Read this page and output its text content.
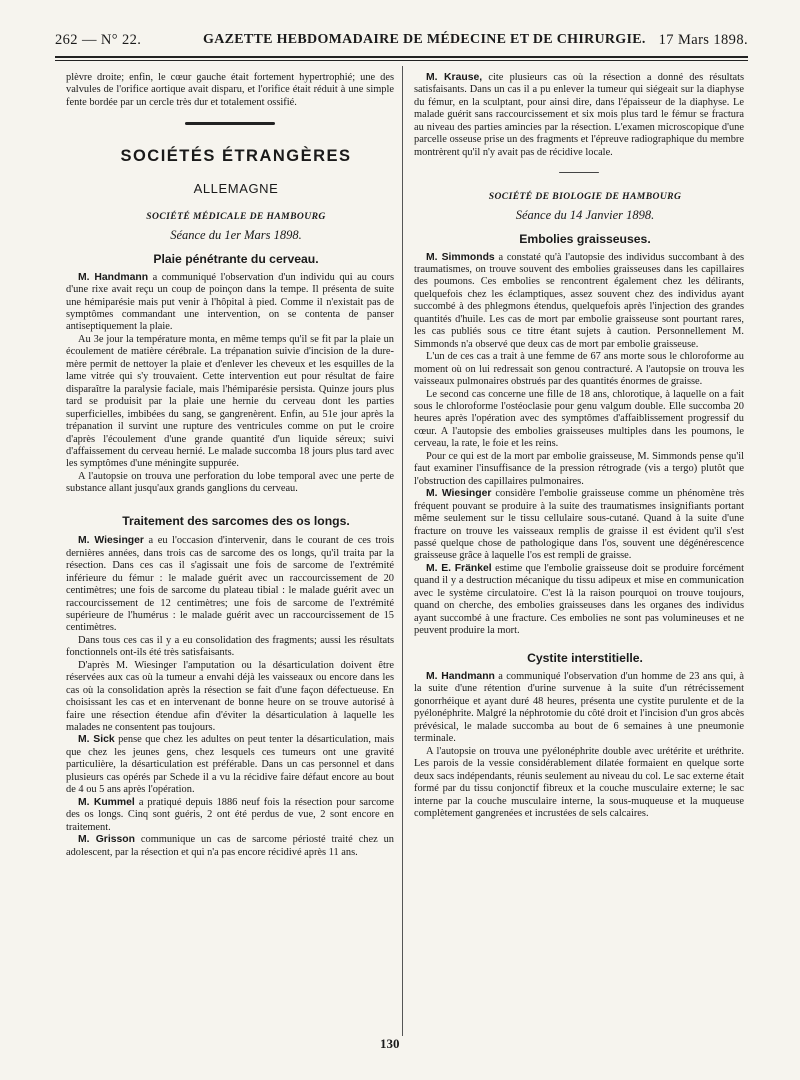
262 — N° 22.	GAZETTE HEBDOMADAIRE DE MÉDECINE ET DE CHIRURGIE. 17 Mars 1898.

plèvre droite; enfin, le cœur gauche était fortement hypertrophié; une des valvules de l'orifice aortique avait disparu, et l'orifice était réduit à une simple fente bordée par un cercle très dur et totalement ossifié.

SOCIÉTÉS ÉTRANGÈRES

ALLEMAGNE

SOCIÉTÉ MÉDICALE DE HAMBOURG

Séance du 1er Mars 1898.

Plaie pénétrante du cerveau.

M. Handmann a communiqué l'observation d'un individu qui au cours d'une rixe avait reçu un coup de poinçon dans la tempe. Il présenta de suite une hémiparésie mais put venir à l'hôpital à pied. Comme il n'existait pas de symptômes commandant une intervention, on se contenta de panser antiseptiquement la plaie.

Au 3e jour la température monta, en même temps qu'il se fit par la plaie un écoulement de matière cérébrale. La trépanation suivie d'incision de la dure-mère permit de nettoyer la plaie et d'enlever les cheveux et les esquilles de la lame vitrée qui s'y trouvaient. Cette intervention eut pour résultat de faire disparaître la paralysie faciale, mais l'hémiparésie persista. Quinze jours plus tard se produisit par la plaie une hernie du cerveau dont les parties superficielles, imbibées du sang, se gangrenèrent. Enfin, au 51e jour après la trépanation il survint une rupture des ventricules comme on put le croire d'après l'écoulement d'une grande quantité d'un liquide séreux; suivi d'affaissement du cerveau hernié. Le malade succomba 18 jours plus tard avec les symptômes d'une méningite suppurée.

A l'autopsie on trouva une perforation du lobe temporal avec une perte de substance allant jusqu'aux grands ganglions du cerveau.

Traitement des sarcomes des os longs.

M. Wiesinger a eu l'occasion d'intervenir, dans le courant de ces trois dernières années, dans trois cas de sarcome des os longs, qu'il traita par la résection. Dans ces cas il s'agissait une fois de sarcome de l'extrémité inférieure du fémur : le malade guérit avec un raccourcissement de 20 centimètres; une fois de sarcome du plateau tibial : le malade guérit avec un raccourcissement de 12 centimètres; une fois de sarcome de l'extrémité supérieure de l'humérus : le malade guérit avec un raccourcissement de 15 centimètres.

Dans tous ces cas il y a eu consolidation des fragments; aussi les résultats fonctionnels ont-ils été très satisfaisants.

D'après M. Wiesinger l'amputation ou la désarticulation doivent être réservées aux cas où la tumeur a envahi déjà les vaisseaux ou encore dans les cas où la consolidation après la résection se fait d'une façon défectueuse. En choisissant les cas et en intervenant de bonne heure on se trouve autorisé à faire une résection étendue afin d'éviter la désarticulation à laquelle les malades ne consentent pas toujours.

M. Sick pense que chez les adultes on peut tenter la désarticulation, mais que chez les jeunes gens, chez lesquels ces tumeurs ont une gravité particulière, la désarticulation est préférable. Dans un cas personnel et dans plusieurs cas opérés par Schede il a vu la récidive faire défaut encore au bout de 4 ou 5 ans après l'opération.

M. Kummel a pratiqué depuis 1886 neuf fois la résection pour sarcome des os longs. Cinq sont guéris, 2 ont été perdus de vue, 2 sont encore en traitement.

M. Grisson communique un cas de sarcome périosté traité chez un adolescent, par la résection et qui n'a pas encore récidivé après 11 ans.

M. Krause, cite plusieurs cas où la résection a donné des résultats satisfaisants. Dans un cas il a pu enlever la tumeur qui siégeait sur la diaphyse du fémur, en la sculptant, pour ainsi dire, dans l'épaisseur de la diaphyse. Le malade guérit sans raccourcissement et six mois plus tard le fémur se fractura au niveau des parties amincies par la résection. L'examen microscopique d'une parcelle osseuse prise un des fragments et l'épreuve radiographique du membre montrèrent qu'il n'y avait pas de récidive locale.

SOCIÉTÉ DE BIOLOGIE DE HAMBOURG

Séance du 14 Janvier 1898.

Embolies graisseuses.

M. Simmonds a constaté qu'à l'autopsie des individus succombant à des traumatismes, on trouve souvent des embolies graisseuses dans les capillaires des poumons. Ces embolies se rencontrent également chez les délirants, quelquefois chez les éclamptiques, assez souvent chez des individus ayant succombé à des phlegmons étendus, quelquefois après l'injection des grandes quantités d'huile. Les cas de mort par embolie graisseuse sont pourtant rares, les cas publiés sous ce titre étant sujets à caution. Personnellement M. Simmonds n'a observé que deux cas de mort par embolie graisseuse.

L'un de ces cas a trait à une femme de 67 ans morte sous le chloroforme au moment où on lui redressait son genou contracturé. A l'autopsie on trouva les vaisseaux pulmonaires obstrués par des quantités énormes de graisse.

Le second cas concerne une fille de 18 ans, chlorotique, à laquelle on a fait sous le chloroforme l'ostéoclasie pour genu valgum double. Elle succomba 20 heures après l'opération avec des symptômes d'affaiblissement progressif du cœur. A l'autopsie des embolies graisseuses multiples dans les poumons, le cerveau, la rate, le foie et les reins.

Pour ce qui est de la mort par embolie graisseuse, M. Simmonds pense qu'il faut examiner l'insuffisance de la pression rétrograde (vis a tergo) plutôt que l'obstruction des capillaires pulmonaires.

M. Wiesinger considère l'embolie graisseuse comme un phénomène très fréquent pouvant se produire à la suite des traumatismes insignifiants portant même seulement sur le tissu cellulaire sous-cutané. Quand à la suite d'une fracture on trouve les vaisseaux remplis de graisse il est évident qu'il s'est passé quelque chose de pathologique dans l'os, souvent une dégénérescence graisseuse grâce à laquelle l'os est rempli de graisse.

M. E. Fränkel estime que l'embolie graisseuse doit se produire forcément quand il y a destruction mécanique du tissu adipeux et mise en communication avec le système circulatoire. C'est là la raison pourquoi on trouve toujours, quand on cherche, des embolies graisseuses dans les organes des individus ayant succombé à une fracture. Ces embolies ne sont pas volumineuses et ne peuvent produire la mort.

Cystite interstitielle.

M. Handmann a communiqué l'observation d'un homme de 23 ans qui, à la suite d'une rétention d'urine survenue à la suite d'un rétrécissement gonorrhéique et ayant duré 48 heures, présenta une cystite purulente et de la pyélonéphrite. Malgré la néphrotomie du côté droit et l'incision d'un gros abcès prévésical, le malade succomba au bout de 6 semaines à une pneumonie terminale.

A l'autopsie on trouva une pyélonéphrite double avec urétérite et uréthrite. Les parois de la vessie considérablement dilatée formaient en quelque sorte deux sacs indépendants, réunis seulement au niveau du col. Le sac externe était formé par du tissu conjonctif fibreux et la couche musculaire externe; le sac interne par la couche musculaire interne, la sous-muqueuse et la muqueuse complètement gangrenées et incrustées de sels calcaires.

130
